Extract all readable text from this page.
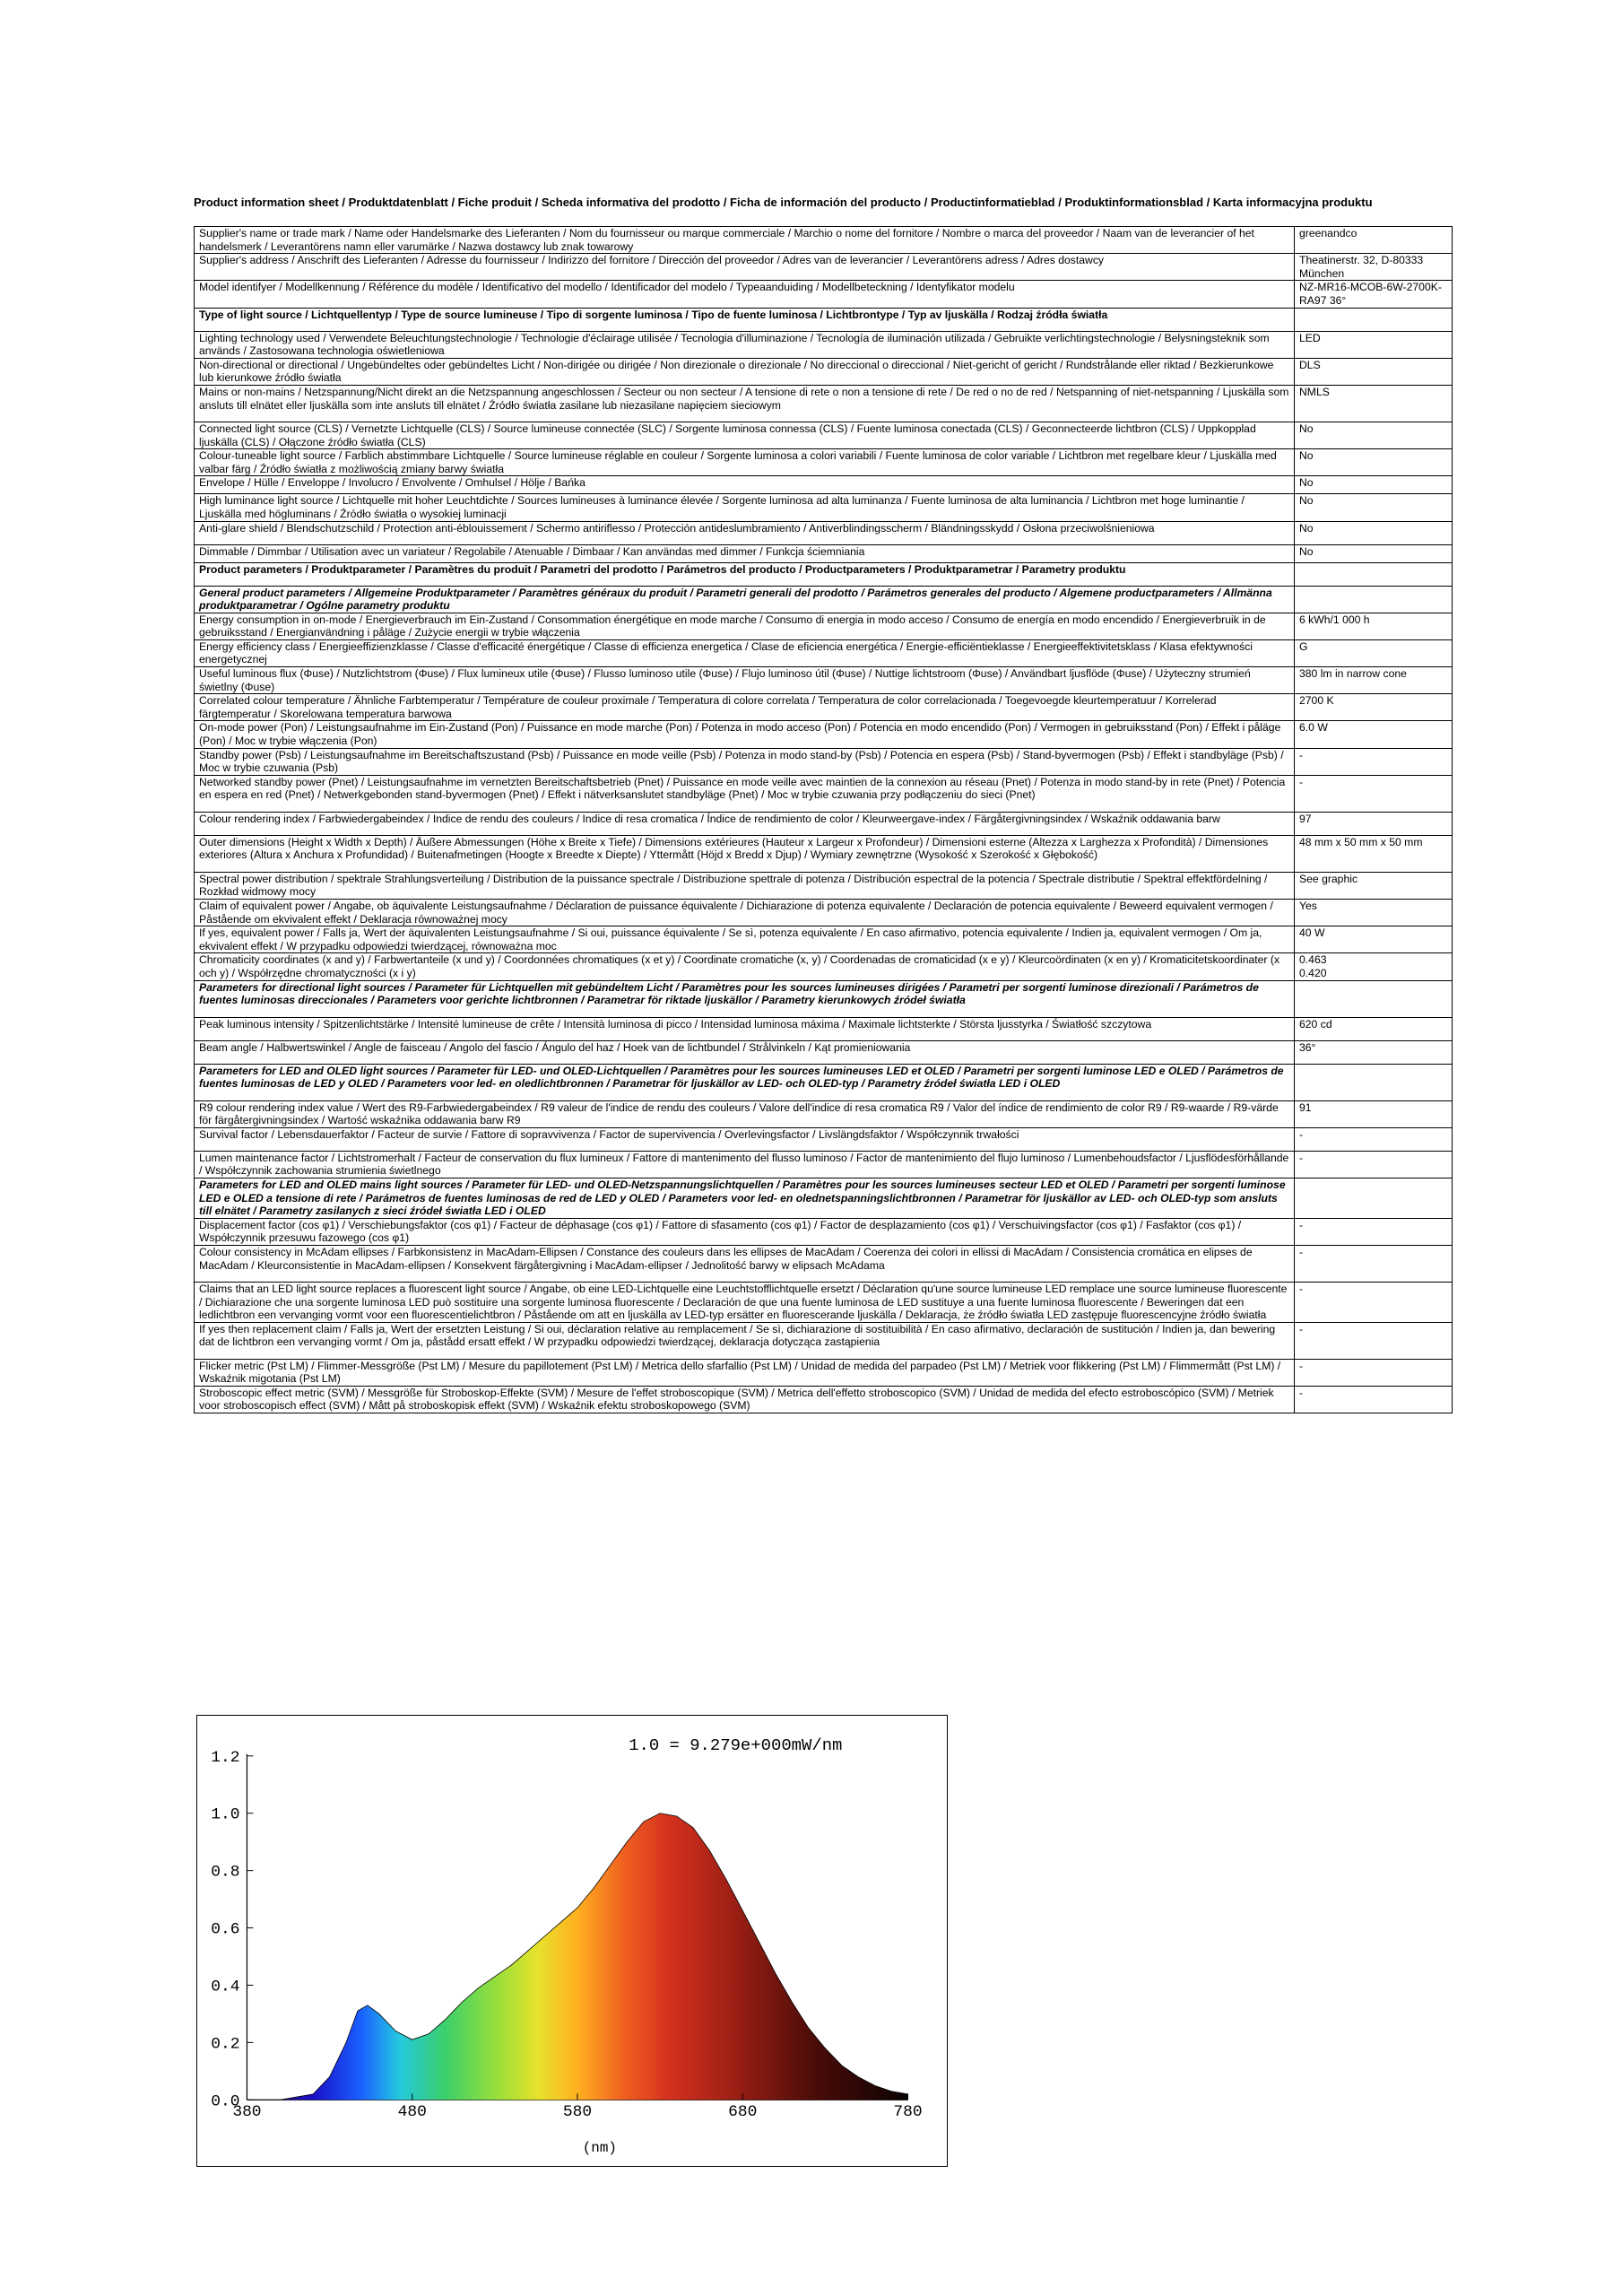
Product information sheet / Produktdatenblatt / Fiche produit / Scheda informativa del prodotto / Ficha de información del producto / Productinformatieblad / Produktinformationsblad / Karta informacyjna produktu
Supplier's name or trade mark / Name oder Handelsmarke des Lieferanten / Nom du fournisseur ou marque commerciale / Marchio o nome del fornitore / Nombre o marca del proveedor / Naam van de leverancier of het handelsmerk / Leverantörens namn eller varumärke / Nazwa dostawcy lub znak towarowy	greenandco
Supplier's address / Anschrift des Lieferanten / Adresse du fournisseur / Indirizzo del fornitore / Dirección del proveedor / Adres van de leverancier / Leverantörens adress / Adres dostawcy	Theatinerstr. 32, D-80333 München
Model identifyer / Modellkennung / Référence du modèle / Identificativo del modello / Identificador del modelo / Typeaanduiding / Modellbeteckning / Identyfikator modelu	NZ-MR16-MCOB-6W-2700K-RA97 36°
Type of light source / Lichtquellentyp / Type de source lumineuse / Tipo di sorgente luminosa / Tipo de fuente luminosa / Lichtbrontype / Typ av ljuskälla / Rodzaj źródła światła	
Lighting technology used / Verwendete Beleuchtungstechnologie / Technologie d'éclairage utilisée / Tecnologia d'illuminazione / Tecnología de iluminación utilizada / Gebruikte verlichtingstechnologie / Belysningsteknik som används / Zastosowana technologia oświetleniowa	LED
Non-directional or directional / Ungebündeltes oder gebündeltes Licht / Non-dirigée ou dirigée / Non direzionale o direzionale / No direccional o direccional / Niet-gericht of gericht / Rundstrålande eller riktad / Bezkierunkowe lub kierunkowe źródło światła	DLS
Mains or non-mains / Netzspannung/Nicht direkt an die Netzspannung angeschlossen / Secteur ou non secteur / A tensione di rete o non a tensione di rete / De red o no de red / Netspanning of niet-netspanning / Ljuskälla som ansluts till elnätet eller ljuskälla som inte ansluts till elnätet / Źródło światła zasilane lub niezasilane napięciem sieciowym	NMLS
Connected light source (CLS) / Vernetzte Lichtquelle (CLS) / Source lumineuse connectée (SLC) / Sorgente luminosa connessa (CLS) / Fuente luminosa conectada (CLS) / Geconnecteerde lichtbron (CLS) / Uppkopplad ljuskälla (CLS) / Ołączone źródło światła (CLS)	No
Colour-tuneable light source / Farblich abstimmbare Lichtquelle / Source lumineuse réglable en couleur / Sorgente luminosa a colori variabili / Fuente luminosa de color variable / Lichtbron met regelbare kleur / Ljuskälla med valbar färg / Źródło światła z możliwością zmiany barwy światła	No
Envelope / Hülle / Enveloppe / Involucro / Envolvente / Omhulsel / Hölje / Bańka	No
High luminance light source / Lichtquelle mit hoher Leuchtdichte / Sources lumineuses à luminance élevée / Sorgente luminosa ad alta luminanza / Fuente luminosa de alta luminancia / Lichtbron met hoge luminantie / Ljuskälla med högluminans / Źródło światła o wysokiej luminacji	No
Anti-glare shield / Blendschutzschild / Protection anti-éblouissement / Schermo antiriflesso / Protección antideslumbramiento / Antiverblindingsscherm / Bländningsskydd / Osłona przeciwolśnieniowa	No
Dimmable / Dimmbar / Utilisation avec un variateur / Regolabile / Atenuable / Dimbaar / Kan användas med dimmer / Funkcja ściemniania	No
Product parameters / Produktparameter / Paramètres du produit / Parametri del prodotto / Parámetros del producto / Productparameters / Produktparametrar / Parametry produktu	
General product parameters / Allgemeine Produktparameter / Paramètres généraux du produit / Parametri generali del prodotto / Parámetros generales del producto / Algemene productparameters / Allmänna produktparametrar / Ogólne parametry produktu	
Energy consumption in on-mode / Energieverbrauch im Ein-Zustand / Consommation énergétique en mode marche / Consumo di energia in modo acceso / Consumo de energía en modo encendido / Energieverbruik in de gebruiksstand / Energianvändning i påläge / Zużycie energii w trybie włączenia	6 kWh/1 000 h
Energy efficiency class / Energieeffizienzklasse / Classe d'efficacité énergétique / Classe di efficienza energetica / Clase de eficiencia energética / Energie-efficiëntieklasse / Energieeffektivitetsklass / Klasa efektywności energetycznej	G
Useful luminous flux (Φuse) / Nutzlichtstrom (Φuse) / Flux lumineux utile (Φuse) / Flusso luminoso utile (Φuse) / Flujo luminoso útil (Φuse) / Nuttige lichtstroom (Φuse) / Användbart ljusflöde (Φuse) / Użyteczny strumień świetlny (Φuse)	380 lm in narrow cone
Correlated colour temperature / Ähnliche Farbtemperatur / Température de couleur proximale / Temperatura di colore correlata / Temperatura de color correlacionada / Toegevoegde kleurtemperatuur / Korrelerad färgtemperatur / Skorelowana temperatura barwowa	2700 K
On-mode power (Pon) / Leistungsaufnahme im Ein-Zustand (Pon) / Puissance en mode marche (Pon) / Potenza in modo acceso (Pon) / Potencia en modo encendido (Pon) / Vermogen in gebruiksstand (Pon) / Effekt i påläge (Pon) / Moc w trybie włączenia (Pon)	6.0 W
Standby power (Psb) / Leistungsaufnahme im Bereitschaftszustand (Psb) / Puissance en mode veille (Psb) / Potenza in modo stand-by (Psb) / Potencia en espera (Psb) / Stand-byvermogen (Psb) / Effekt i standbyläge (Psb) / Moc w trybie czuwania (Psb)	-
Networked standby power (Pnet) / Leistungsaufnahme im vernetzten Bereitschaftsbetrieb (Pnet) / Puissance en mode veille avec maintien de la connexion au réseau (Pnet) / Potenza in modo stand-by in rete (Pnet) / Potencia en espera en red (Pnet) / Netwerkgebonden stand-byvermogen (Pnet) / Effekt i nätverksanslutet standbyläge (Pnet) / Moc w trybie czuwania przy podłączeniu do sieci (Pnet)	-
Colour rendering index / Farbwiedergabeindex / Indice de rendu des couleurs / Indice di resa cromatica / Índice de rendimiento de color / Kleurweergave-index / Färgåtergivningsindex / Wskaźnik oddawania barw	97
Outer dimensions (Height x Width x Depth) / Äußere Abmessungen (Höhe x Breite x Tiefe) / Dimensions extérieures (Hauteur x Largeur x Profondeur) / Dimensioni esterne (Altezza x Larghezza x Profondità) / Dimensiones exteriores (Altura x Anchura x Profundidad) / Buitenafmetingen (Hoogte x Breedte x Diepte) / Yttermått (Höjd x Bredd x Djup) / Wymiary zewnętrzne (Wysokość x Szerokość x Głębokość)	48 mm x 50 mm x 50 mm
Spectral power distribution / spektrale Strahlungsverteilung / Distribution de la puissance spectrale / Distribuzione spettrale di potenza / Distribución espectral de la potencia / Spectrale distributie / Spektral effektfördelning / Rozkład widmowy mocy	See graphic
Claim of equivalent power / Angabe, ob äquivalente Leistungsaufnahme / Déclaration de puissance équivalente / Dichiarazione di potenza equivalente / Declaración de potencia equivalente / Beweerd equivalent vermogen / Påstående om ekvivalent effekt / Deklaracja równoważnej mocy	Yes
If yes, equivalent power / Falls ja, Wert der äquivalenten Leistungsaufnahme / Si oui, puissance équivalente / Se sì, potenza equivalente / En caso afirmativo, potencia equivalente / Indien ja, equivalent vermogen / Om ja, ekvivalent effekt / W przypadku odpowiedzi twierdzącej, równoważna moc	40 W
Chromaticity coordinates (x and y) / Farbwertanteile (x und y) / Coordonnées chromatiques (x et y) / Coordinate cromatiche (x, y) / Coordenadas de cromaticidad (x e y) / Kleurcoördinaten (x en y) / Kromaticitetskoordinater (x och y) / Współrzędne chromatyczności (x i y)	0.463
0.420
Parameters for directional light sources / Parameter für Lichtquellen mit gebündeltem Licht / Paramètres pour les sources lumineuses dirigées / Parametri per sorgenti luminose direzionali / Parámetros de fuentes luminosas direccionales / Parameters voor gerichte lichtbronnen / Parametrar för riktade ljuskällor / Parametry kierunkowych źródeł światła	
Peak luminous intensity / Spitzenlichtstärke / Intensité lumineuse de crête / Intensità luminosa di picco / Intensidad luminosa máxima / Maximale lichtsterkte / Största ljusstyrka / Światłość szczytowa	620 cd
Beam angle / Halbwertswinkel / Angle de faisceau / Angolo del fascio / Ángulo del haz / Hoek van de lichtbundel / Strålvinkeln / Kąt promieniowania	36°
Parameters for LED and OLED light sources / Parameter für LED- und OLED-Lichtquellen / Paramètres pour les sources lumineuses LED et OLED / Parametri per sorgenti luminose LED e OLED / Parámetros de fuentes luminosas de LED y OLED / Parameters voor led- en oledlichtbronnen / Parametrar för ljuskällor av LED- och OLED-typ / Parametry źródeł światła LED i OLED	
R9 colour rendering index value / Wert des R9-Farbwiedergabeindex / R9 valeur de l'indice de rendu des couleurs / Valore dell'indice di resa cromatica R9 / Valor del índice de rendimiento de color R9 / R9-waarde / R9-värde för färgåtergivningsindex / Wartość wskaźnika oddawania barw R9	91
Survival factor / Lebensdauerfaktor / Facteur de survie / Fattore di sopravvivenza / Factor de supervivencia / Overlevingsfactor / Livslängdsfaktor / Współczynnik trwałości	-
Lumen maintenance factor / Lichtstromerhalt / Facteur de conservation du flux lumineux / Fattore di mantenimento del flusso luminoso / Factor de mantenimiento del flujo luminoso / Lumenbehoudsfactor / Ljusflödesförhållande / Współczynnik zachowania strumienia świetlnego	-
Parameters for LED and OLED mains light sources / Parameter für LED- und OLED-Netzspannungslichtquellen / Paramètres pour les sources lumineuses secteur LED et OLED / Parametri per sorgenti luminose LED e OLED a tensione di rete / Parámetros de fuentes luminosas de red de LED y OLED / Parameters voor led- en olednetspanningslichtbronnen / Parametrar för ljuskällor av LED- och OLED-typ som ansluts till elnätet / Parametry zasilanych z sieci źródeł światła LED i OLED	
Displacement factor (cos φ1) / Verschiebungsfaktor (cos φ1) / Facteur de déphasage (cos φ1) / Fattore di sfasamento (cos φ1) / Factor de desplazamiento (cos φ1) / Verschuivingsfactor (cos φ1) / Fasfaktor (cos φ1) / Współczynnik przesuwu fazowego (cos φ1)	-
Colour consistency in McAdam ellipses / Farbkonsistenz in MacAdam-Ellipsen / Constance des couleurs dans les ellipses de MacAdam / Coerenza dei colori in ellissi di MacAdam / Consistencia cromática en elipses de MacAdam / Kleurconsistentie in MacAdam-ellipsen / Konsekvent färgåtergivning i MacAdam-ellipser / Jednolitość barwy w elipsach McAdama	-
Claims that an LED light source replaces a fluorescent light source / Angabe, ob eine LED-Lichtquelle eine Leuchtstofflichtquelle ersetzt / Déclaration qu'une source lumineuse LED remplace une source lumineuse fluorescente / Dichiarazione che una sorgente luminosa LED può sostituire una sorgente luminosa fluorescente / Declaración de que una fuente luminosa de LED sustituye a una fuente luminosa fluorescente / Beweringen dat een ledlichtbron een vervanging vormt voor een fluorescentielichtbron / Påstående om att en ljuskälla av LED-typ ersätter en fluorescerande ljuskälla / Deklaracja, że źródło światła LED zastępuje fluorescencyjne źródło światła	-
If yes then replacement claim / Falls ja, Wert der ersetzten Leistung / Si oui, déclaration relative au remplacement / Se sì, dichiarazione di sostituibilità / En caso afirmativo, declaración de sustitución / Indien ja, dan bewering dat de lichtbron een vervanging vormt / Om ja, påstådd ersatt effekt / W przypadku odpowiedzi twierdzącej, deklaracja dotycząca zastąpienia	-
Flicker metric (Pst LM) / Flimmer-Messgröße (Pst LM) / Mesure du papillotement (Pst LM) / Metrica dello sfarfallio (Pst LM) / Unidad de medida del parpadeo (Pst LM) / Metriek voor flikkering (Pst LM) / Flimmermått (Pst LM) / Wskaźnik migotania (Pst LM)	-
Stroboscopic effect metric (SVM) / Messgröße für Stroboskop-Effekte (SVM) / Mesure de l'effet stroboscopique (SVM) / Metrica dell'effetto stroboscopico (SVM) / Unidad de medida del efecto estroboscópico (SVM) / Metriek voor stroboscopisch effect (SVM) / Mått på stroboskopisk effekt (SVM) / Wskaźnik efektu stroboskopowego (SVM)	-
0.0
0.2
0.4
0.6
0.8
1.0
1.2
380	480	580	680	780
1.0 = 9.279e+000mW/nm
(nm)
